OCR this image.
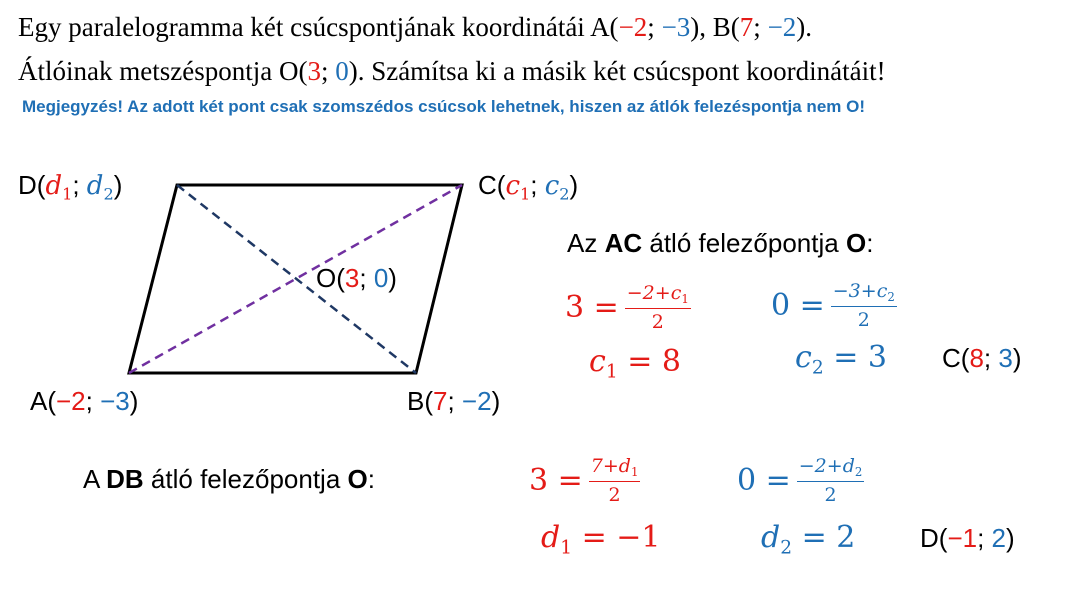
Egy paralelogramma két csúcspontjának koordinátái A(−2; −3), B(7; −2).
Átlóinak metszéspontja O(3; 0). Számítsa ki a másik két csúcspont koordinátáit!
Megjegyzés! Az adott két pont csak szomszédos csúcsok lehetnek, hiszen az átlók felezéspontja nem O!
$D(d_1$; $d_2$)	$C(c_1$; $c_2$)
O(3; 0)
A(−2; −3)	B(7; −2)
Az AC átló felezőpontja O:
$3 = \frac{-2+c_1}{2}$
$c_1 = 8$
$0 = \frac{-3+c_2}{2}$
$c_2 = 3$ C(8; 3)
A DB átló felezőpontja O:	$3 = \frac{7+d_1}{2}$
$d_1 = -1$
$0 = \frac{-2+d_2}{2}$
$d_2 = 2$ D(−1; 2)
